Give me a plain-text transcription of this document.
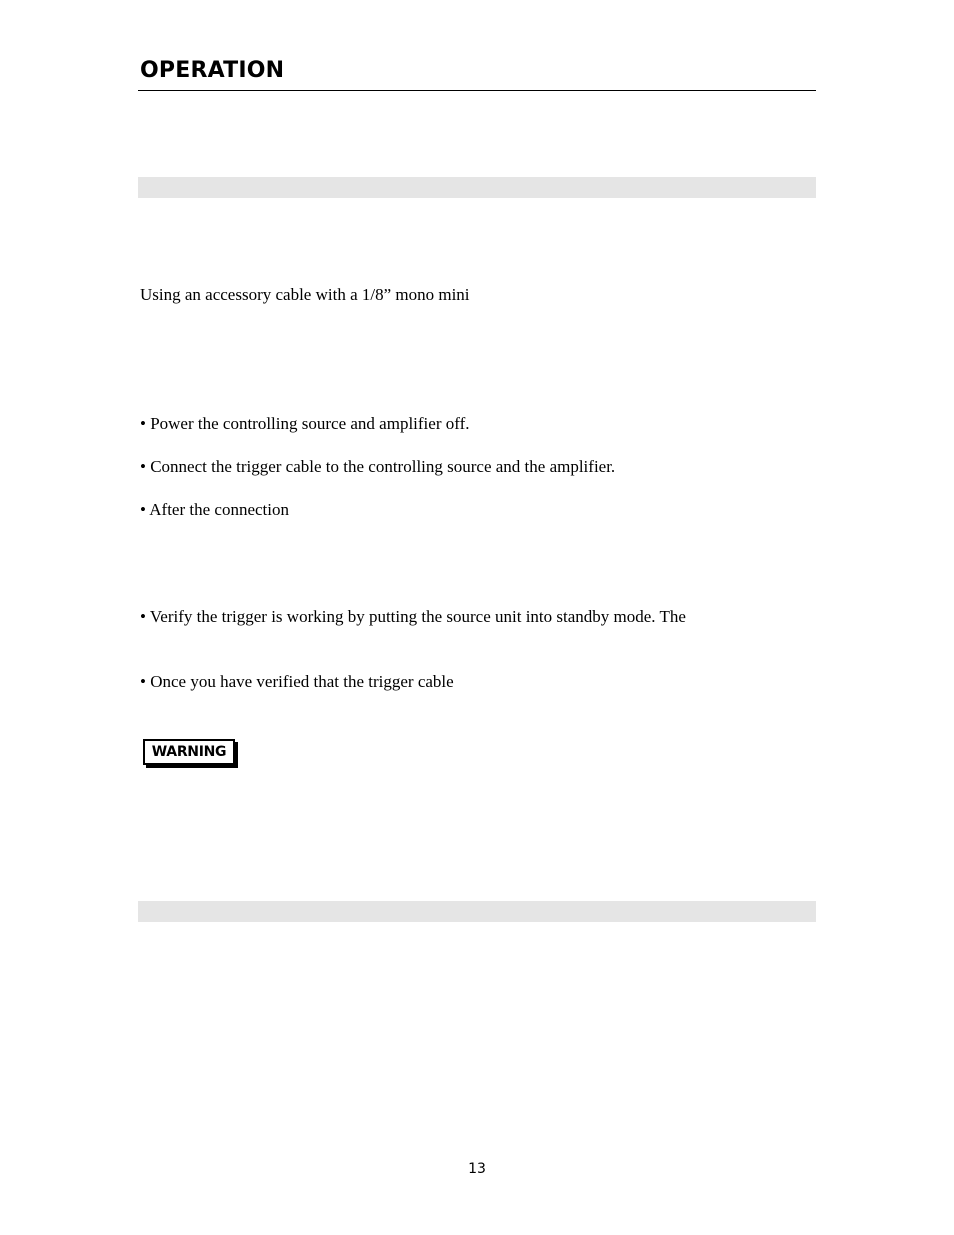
OPERATION

Using an accessory cable with a 1/8” mono mini

• Power the controlling source and amplifier off.

• Connect the trigger cable to the controlling source and the amplifier.

• After the connection

• Verify the trigger is working by putting the source unit into standby mode. The

• Once you have verified that the trigger cable

WARNING
13
